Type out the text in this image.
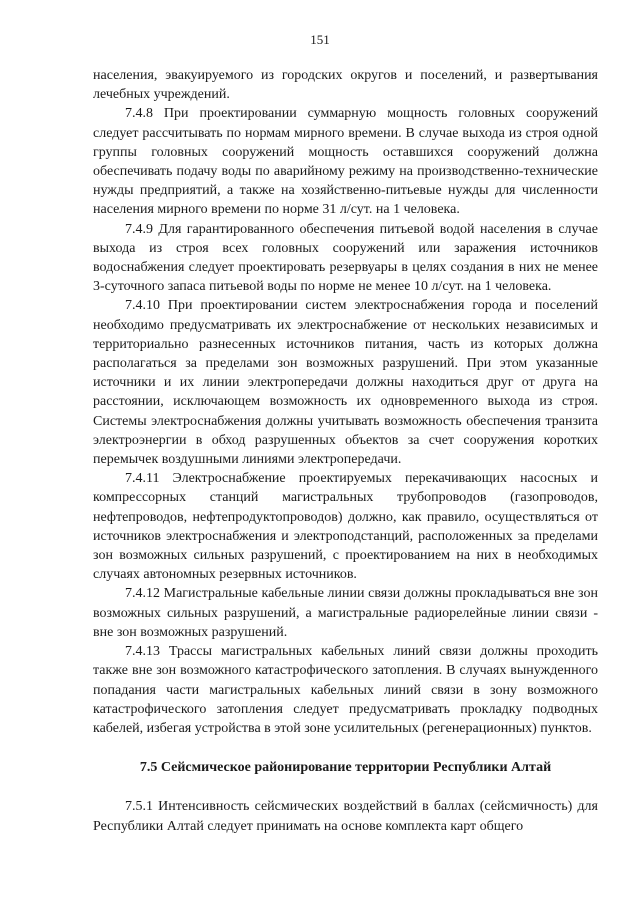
151

населения, эвакуируемого из городских округов и поселений, и развертывания лечебных учреждений.

7.4.8 При проектировании суммарную мощность головных сооружений следует рассчитывать по нормам мирного времени. В случае выхода из строя одной группы головных сооружений мощность оставшихся сооружений должна обеспечивать подачу воды по аварийному режиму на производственно-технические нужды предприятий, а также на хозяйственно-питьевые нужды для численности населения мирного времени по норме 31 л/сут. на 1 человека.

7.4.9 Для гарантированного обеспечения питьевой водой населения в случае выхода из строя всех головных сооружений или заражения источников водоснабжения следует проектировать резервуары в целях создания в них не менее 3-суточного запаса питьевой воды по норме не менее 10 л/сут. на 1 человека.

7.4.10 При проектировании систем электроснабжения города и поселений необходимо предусматривать их электроснабжение от нескольких независимых и территориально разнесенных источников питания, часть из которых должна располагаться за пределами зон возможных разрушений. При этом указанные источники и их линии электропередачи должны находиться друг от друга на расстоянии, исключающем возможность их одновременного выхода из строя. Системы электроснабжения должны учитывать возможность обеспечения транзита электроэнергии в обход разрушенных объектов за счет сооружения коротких перемычек воздушными линиями электропередачи.

7.4.11 Электроснабжение проектируемых перекачивающих насосных и компрессорных станций магистральных трубопроводов (газопроводов, нефтепроводов, нефтепродуктопроводов) должно, как правило, осуществляться от источников электроснабжения и электроподстанций, расположенных за пределами зон возможных сильных разрушений, с проектированием на них в необходимых случаях автономных резервных источников.

7.4.12 Магистральные кабельные линии связи должны прокладываться вне зон возможных сильных разрушений, а магистральные радиорелейные линии связи - вне зон возможных разрушений.

7.4.13 Трассы магистральных кабельных линий связи должны проходить также вне зон возможного катастрофического затопления. В случаях вынужденного попадания части магистральных кабельных линий связи в зону возможного катастрофического затопления следует предусматривать прокладку подводных кабелей, избегая устройства в этой зоне усилительных (регенерационных) пунктов.

7.5 Сейсмическое районирование территории Республики Алтай

7.5.1 Интенсивность сейсмических воздействий в баллах (сейсмичность) для Республики Алтай следует принимать на основе комплекта карт общего
